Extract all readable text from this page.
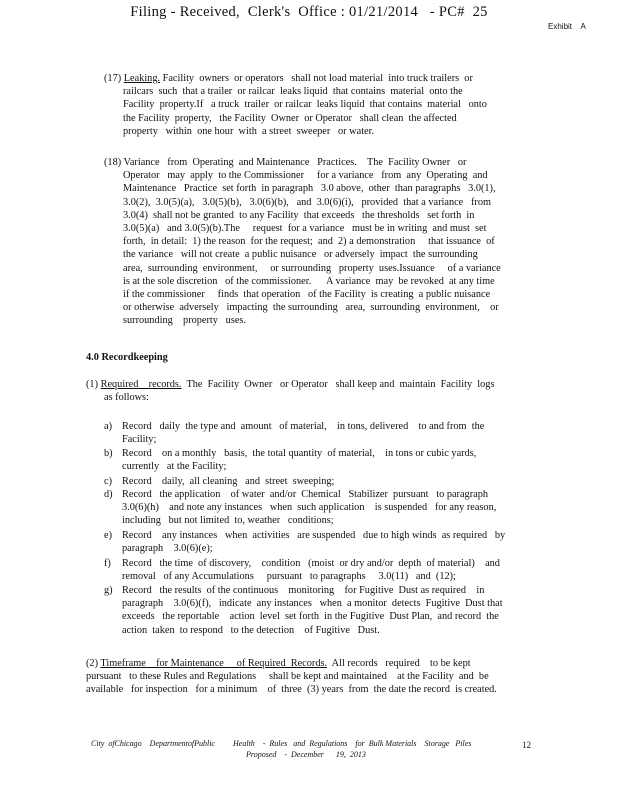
Filing - Received,  Clerk's  Office : 01/21/2014   - PC#  25
Exhibit    A
(17) Leaking. Facility  owners  or operators   shall not load material  into truck trailers  or
railcars  such  that a trailer  or railcar  leaks liquid  that contains  material  onto the
Facility  property.If   a truck  trailer  or railcar  leaks liquid  that contains  material   onto
the Facility  property,   the Facility  Owner  or Operator   shall clean  the affected
property   within  one hour  with  a street  sweeper   or water.
(18) Variance   from  Operating  and Maintenance   Practices.    The  Facility Owner   or
Operator   may  apply  to the Commissioner     for a variance   from  any  Operating  and
Maintenance   Practice  set forth  in paragraph   3.0 above,  other  than paragraphs   3.0(1),
3.0(2),  3.0(5)(a),   3.0(5)(b),   3.0(6)(b),   and  3.0(6)(i),   provided  that a variance   from
3.0(4)  shall not be granted  to any Facility  that exceeds   the thresholds   set forth  in
3.0(5)(a)   and 3.0(5)(b).The     request  for a variance   must be in writing  and must  set
forth,  in detail:  1) the reason  for the request;  and  2) a demonstration     that issuance  of
the variance   will not create  a public nuisance   or adversely  impact  the surrounding
area,  surrounding  environment,     or surrounding   property  uses.Issuance     of a variance
is at the sole discretion   of the commissioner.      A variance  may  be revoked  at any time
if the commissioner     finds  that operation   of the Facility  is creating  a public nuisance
or otherwise  adversely   impacting  the surrounding   area,  surrounding  environment,    or
surrounding    property   uses.
4.0 Recordkeeping
(1) Required    records.  The  Facility  Owner   or Operator   shall keep and  maintain  Facility  logs
as follows:
a) Record   daily  the type and  amount   of material,    in tons, delivered    to and from  the
Facility;
b) Record    on a monthly   basis,  the total quantity  of material,    in tons or cubic yards,
currently   at the Facility;
c) Record    daily,  all cleaning   and  street  sweeping;
d) Record   the application    of water  and/or  Chemical   Stabilizer  pursuant   to paragraph
3.0(6)(h)    and note any instances   when  such application    is suspended   for any reason,
including   but not limited  to, weather   conditions;
e) Record    any instances   when  activities   are suspended   due to high winds  as required   by
paragraph    3.0(6)(e);
f) Record   the time  of discovery,    condition   (moist  or dry and/or  depth  of material)    and
removal   of any Accumulations     pursuant   to paragraphs     3.0(11)   and  (12);
g) Record   the results  of the continuous    monitoring    for Fugitive  Dust as required    in
paragraph    3.0(6)(f),   indicate  any instances   when  a monitor  detects  Fugitive  Dust that
exceeds   the reportable    action  level  set forth  in the Fugitive  Dust Plan,  and record  the
action  taken  to respond   to the detection    of Fugitive   Dust.
(2) Timeframe    for Maintenance     of Required  Records.  All records   required    to be kept
pursuant   to these Rules and Regulations     shall be kept and maintained    at the Facility  and  be
available   for inspection   for a minimum    of  three  (3) years  from  the date the record  is created.
City  ofChicago    DepartmentofPublic         Health    -  Rules   and  Regulations    for  Bulk Materials    Storage   Piles
Proposed    -  December      19,  2013
12
